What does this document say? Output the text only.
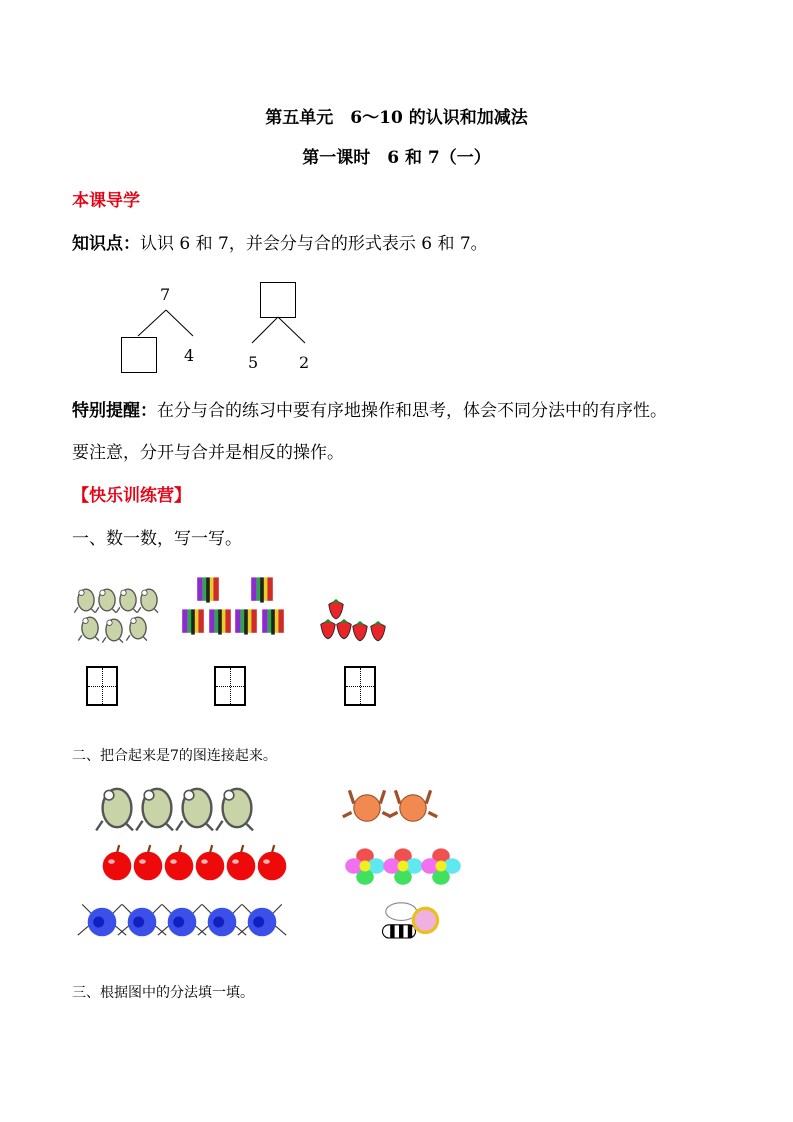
第五单元　6～10 的认识和加减法
第一课时　6 和 7（一）
本课导学
知识点：认识 6 和 7，并会分与合的形式表示 6 和 7。
7
4	5	2
特别提醒：在分与合的练习中要有序地操作和思考，体会不同分法中的有序性。
要注意，分开与合并是相反的操作。
【快乐训练营】
一、数一数，写一写。
二、把合起来是7的图连接起来。
三、根据图中的分法填一填。
